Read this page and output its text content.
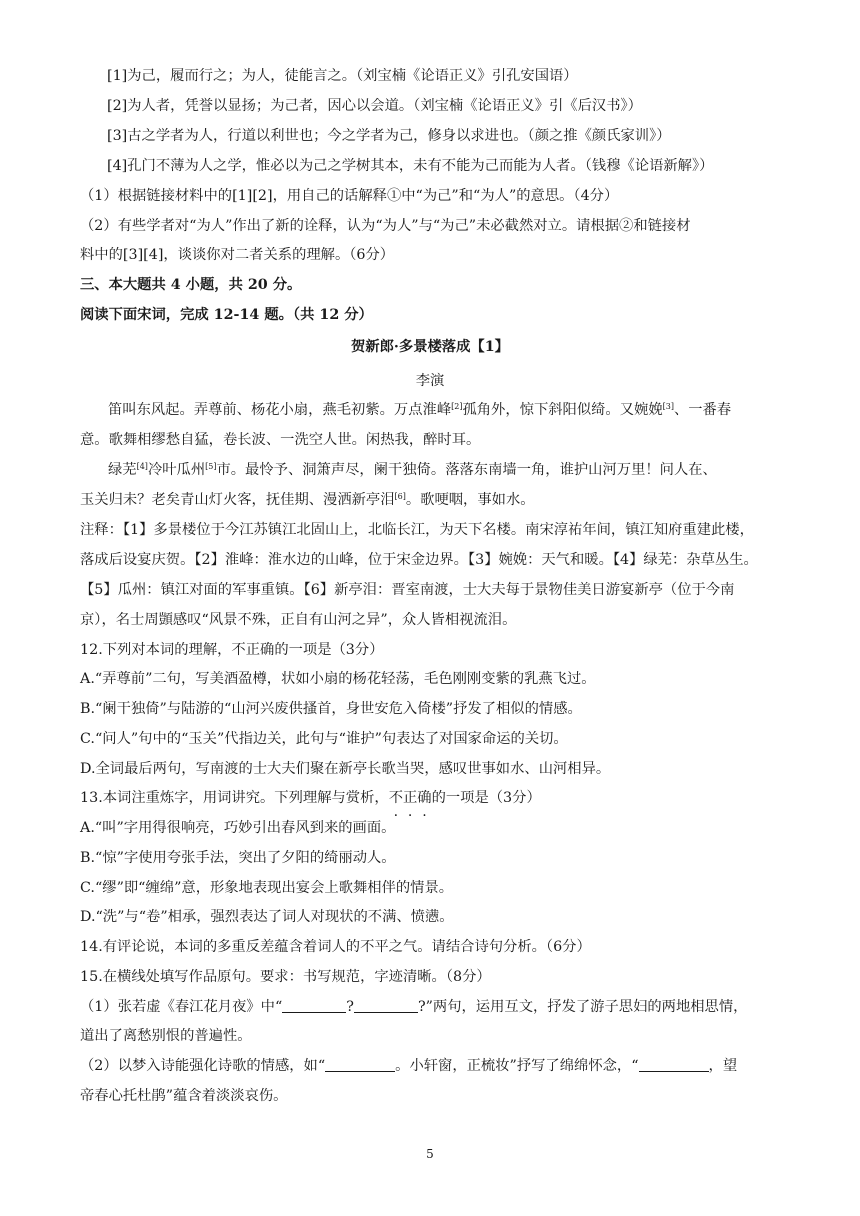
[1]为己，履而行之；为人，徒能言之。（刘宝楠《论语正义》引孔安国语）
[2]为人者，凭誉以显扬；为己者，因心以会道。（刘宝楠《论语正义》引《后汉书》）
[3]古之学者为人，行道以利世也；今之学者为己，修身以求进也。（颜之推《颜氏家训》）
[4]孔门不薄为人之学，惟必以为己之学树其本，未有不能为己而能为人者。（钱穆《论语新解》）
（1）根据链接材料中的[1][2]，用自己的话解释①中“为己”和“为人”的意思。（4分）
（2）有些学者对“为人”作出了新的诠释，认为“为人”与“为己”未必截然对立。请根据②和链接材
料中的[3][4]，谈谈你对二者关系的理解。（6分）
三、本大题共 4 小题，共 20 分。
阅读下面宋词，完成 12-14 题。（共 12 分）
贺新郎·多景楼落成【1】
李演
笛叫东风起。弄尊前、杨花小扇，燕毛初紫。万点淮峰[2]孤角外，惊下斜阳似绮。又婉娩[3]、一番春
意。歌舞相缪愁自猛，卷长波、一洗空人世。闲热我，醉时耳。
绿芜[4]冷叶瓜州[5]市。最怜予、洞箫声尽，阑干独倚。落落东南墙一角，谁护山河万里！问人在、
玉关归未？老矣青山灯火客，抚佳期、漫洒新亭泪[6]。歌哽咽，事如水。
注释：【1】多景楼位于今江苏镇江北固山上，北临长江，为天下名楼。南宋淳祐年间，镇江知府重建此楼，
落成后设宴庆贺。【2】淮峰：淮水边的山峰，位于宋金边界。【3】婉娩：天气和暖。【4】绿芜：杂草丛生。
【5】瓜州：镇江对面的军事重镇。【6】新亭泪：晋室南渡，士大夫每于景物佳美日游宴新亭（位于今南
京），名士周顗感叹“风景不殊，正自有山河之异”，众人皆相视流泪。
12.下列对本词的理解，不正确的一项是（3分）
A.“弄尊前”二句，写美酒盈樽，状如小扇的杨花轻荡，毛色刚刚变紫的乳燕飞过。
B.“阑干独倚”与陆游的“山河兴废供搔首，身世安危入倚楼”抒发了相似的情感。
C.“问人”句中的“玉关”代指边关，此句与“谁护”句表达了对国家命运的关切。
D.全词最后两句，写南渡的士大夫们聚在新亭长歌当哭，感叹世事如水、山河相异。
13.本词注重炼字，用词讲究。下列理解与赏析，不正确的一项是（3分）
A.“叫”字用得很响亮，巧妙引出春风到来的画面。
B.“惊”字使用夸张手法，突出了夕阳的绮丽动人。
C.“缪”即“缠绵”意，形象地表现出宴会上歌舞相伴的情景。
D.“洗”与“卷”相承，强烈表达了词人对现状的不满、愤懑。
14.有评论说，本词的多重反差蕴含着词人的不平之气。请结合诗句分析。（6分）
15.在横线处填写作品原句。要求：书写规范，字迹清晰。（8分）
（1）张若虚《春江花月夜》中“	?	?”两句，运用互文，抒发了游子思妇的两地相思情，
道出了离愁别恨的普遍性。
（2）以梦入诗能强化诗歌的情感，如“	。小轩窗，正梳妆”抒写了绵绵怀念，“	，望
帝春心托杜鹃”蕴含着淡淡哀伤。
5
